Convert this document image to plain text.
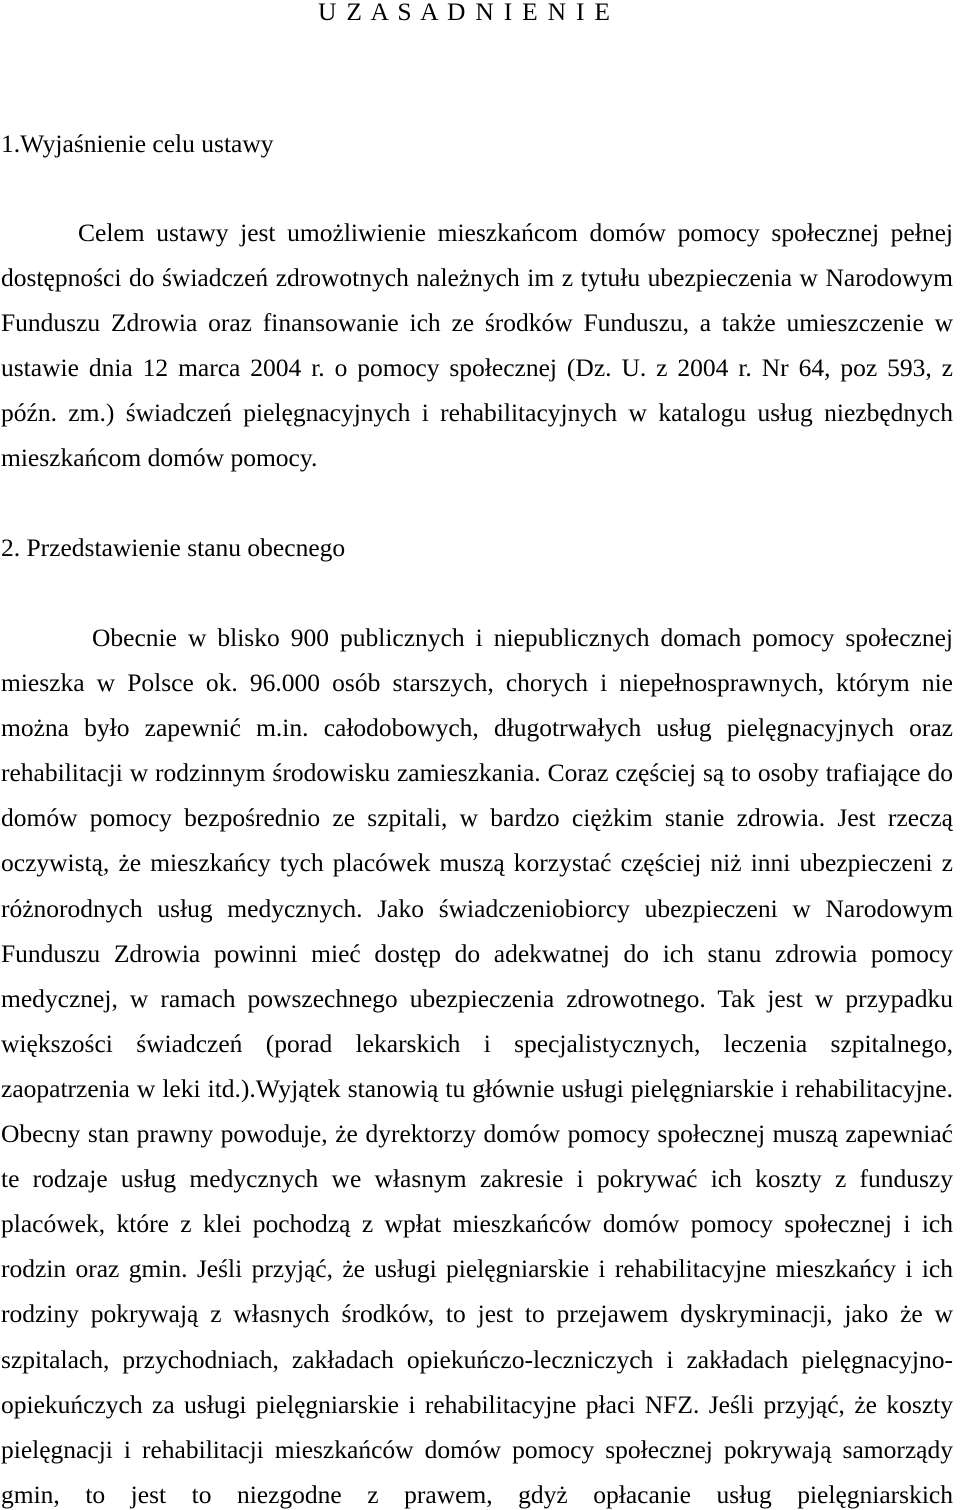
U Z A S A D N I E N I E
1.Wyjaśnienie celu ustawy
Celem ustawy jest umożliwienie mieszkańcom domów pomocy społecznej pełnej
dostępności do świadczeń zdrowotnych należnych im z tytułu ubezpieczenia w Narodowym
Funduszu Zdrowia oraz finansowanie ich ze środków Funduszu, a także umieszczenie w
ustawie dnia 12 marca 2004 r. o pomocy społecznej (Dz. U. z 2004 r. Nr 64, poz 593, z
późn. zm.) świadczeń pielęgnacyjnych i rehabilitacyjnych w katalogu usług niezbędnych
mieszkańcom domów pomocy.
2. Przedstawienie stanu obecnego
Obecnie w blisko 900 publicznych i niepublicznych domach pomocy społecznej
mieszka w Polsce ok. 96.000 osób starszych, chorych i niepełnosprawnych, którym nie
można było zapewnić m.in. całodobowych, długotrwałych usług pielęgnacyjnych oraz
rehabilitacji w rodzinnym środowisku zamieszkania. Coraz częściej są to osoby trafiające do
domów pomocy bezpośrednio ze szpitali, w bardzo ciężkim stanie zdrowia. Jest rzeczą
oczywistą, że mieszkańcy tych placówek muszą korzystać częściej niż inni ubezpieczeni z
różnorodnych usług medycznych. Jako świadczeniobiorcy ubezpieczeni w Narodowym
Funduszu Zdrowia powinni mieć dostęp do adekwatnej do ich stanu zdrowia pomocy
medycznej, w ramach powszechnego ubezpieczenia zdrowotnego. Tak jest w przypadku
większości świadczeń (porad lekarskich i specjalistycznych, leczenia szpitalnego,
zaopatrzenia w leki itd.).Wyjątek stanowią tu głównie usługi pielęgniarskie i rehabilitacyjne.
Obecny stan prawny powoduje, że dyrektorzy domów pomocy społecznej muszą zapewniać
te rodzaje usług medycznych we własnym zakresie i pokrywać ich koszty z funduszy
placówek, które z klei pochodzą z wpłat mieszkańców domów pomocy społecznej i ich
rodzin oraz gmin. Jeśli przyjąć, że usługi pielęgniarskie i rehabilitacyjne mieszkańcy i ich
rodziny pokrywają z własnych środków, to jest to przejawem dyskryminacji, jako że w
szpitalach, przychodniach, zakładach opiekuńczo-leczniczych i zakładach pielęgnacyjno-
opiekuńczych za usługi pielęgniarskie i rehabilitacyjne płaci NFZ. Jeśli przyjąć, że koszty
pielęgnacji i rehabilitacji mieszkańców domów pomocy społecznej pokrywają samorządy
gmin, to jest to niezgodne z prawem, gdyż opłacanie usług pielęgniarskich
